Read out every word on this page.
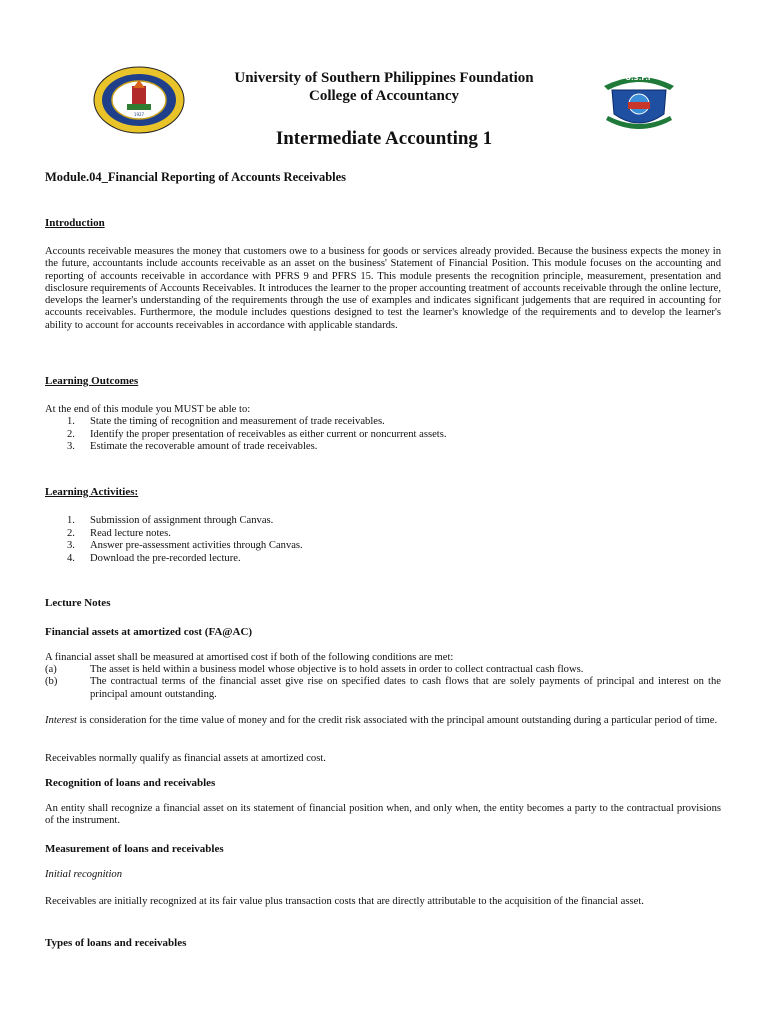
1927
U.S.P.F
University of Southern Philippines Foundation
College of Accountancy
Intermediate Accounting 1
Module.04_Financial Reporting of Accounts Receivables
Introduction
Accounts receivable measures the money that customers owe to a business for goods or services already provided. Because the business expects the money in the future, accountants include accounts receivable as an asset on the business' Statement of Financial Position. This module focuses on the accounting and reporting of accounts receivable in accordance with PFRS 9 and PFRS 15. This module presents the recognition principle, measurement, presentation and disclosure requirements of Accounts Receivables. It introduces the learner to the proper accounting treatment of accounts receivable through the online lecture, develops the learner's understanding of the requirements through the use of examples and indicates significant judgements that are required in accounting for accounts receivables. Furthermore, the module includes questions designed to test the learner's knowledge of the requirements and to develop the learner's ability to account for accounts receivables in accordance with applicable standards.
Learning Outcomes
At the end of this module you MUST be able to:
1. State the timing of recognition and measurement of trade receivables.
2. Identify the proper presentation of receivables as either current or noncurrent assets.
3. Estimate the recoverable amount of trade receivables.
Learning Activities:
1. Submission of assignment through Canvas.
2. Read lecture notes.
3. Answer pre-assessment activities through Canvas.
4. Download the pre-recorded lecture.
Lecture Notes
Financial assets at amortized cost (FA@AC)
A financial asset shall be measured at amortised cost if both of the following conditions are met:
(a)	The asset is held within a business model whose objective is to hold assets in order to collect contractual cash flows.
(b)	The contractual terms of the financial asset give rise on specified dates to cash flows that are solely payments of principal and interest on the principal amount outstanding.
Interest is consideration for the time value of money and for the credit risk associated with the principal amount outstanding during a particular period of time.
Receivables normally qualify as financial assets at amortized cost.
Recognition of loans and receivables
An entity shall recognize a financial asset on its statement of financial position when, and only when, the entity becomes a party to the contractual provisions of the instrument.
Measurement of loans and receivables
Initial recognition
Receivables are initially recognized at its fair value plus transaction costs that are directly attributable to the acquisition of the financial asset.
Types of loans and receivables
